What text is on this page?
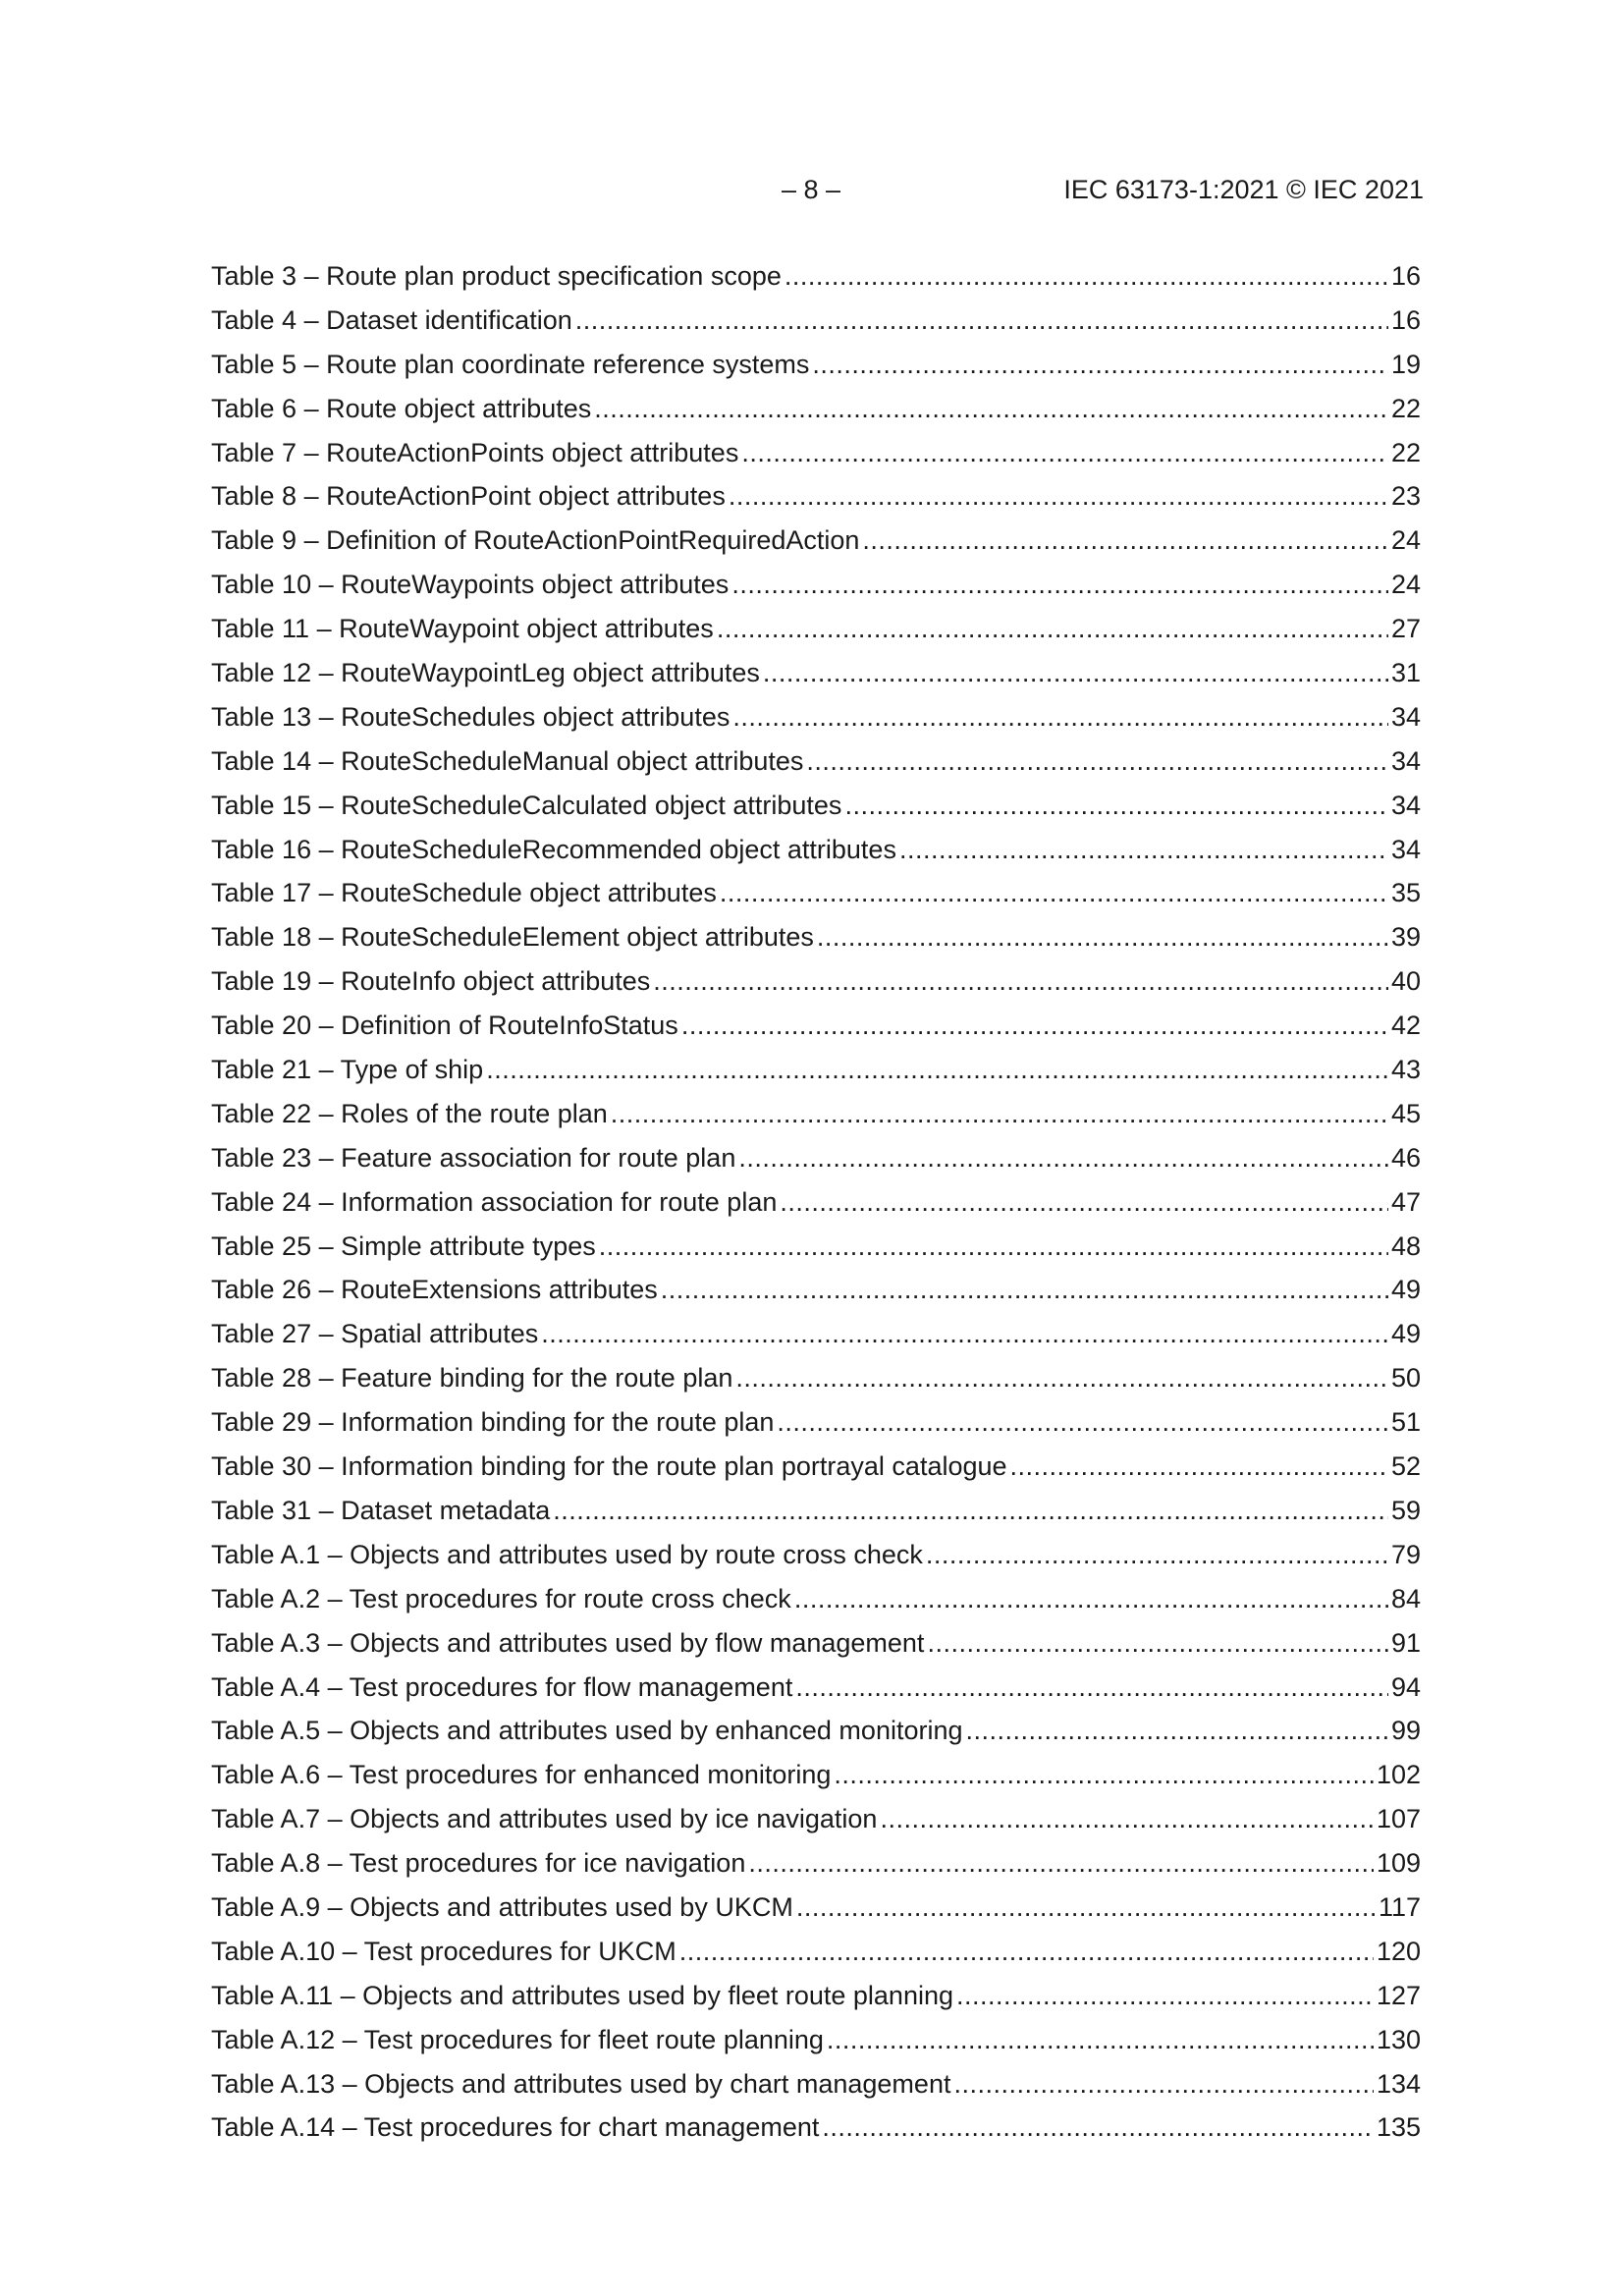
– 8 –	IEC 63173-1:2021 © IEC 2021
Table 3 – Route plan product specification scope .....	16
Table 4 – Dataset identification .....	16
Table 5 – Route plan coordinate reference systems .....	19
Table 6 – Route object attributes .....	22
Table 7 – RouteActionPoints object attributes .....	22
Table 8 – RouteActionPoint object attributes .....	23
Table 9 – Definition of RouteActionPointRequiredAction .....	24
Table 10 – RouteWaypoints object attributes .....	24
Table 11 – RouteWaypoint object attributes .....	27
Table 12 – RouteWaypointLeg object attributes .....	31
Table 13 – RouteSchedules object attributes .....	34
Table 14 – RouteScheduleManual object attributes .....	34
Table 15 – RouteScheduleCalculated object attributes .....	34
Table 16 – RouteScheduleRecommended object attributes .....	34
Table 17 – RouteSchedule object attributes .....	35
Table 18 – RouteScheduleElement object attributes .....	39
Table 19 – RouteInfo object attributes .....	40
Table 20 – Definition of RouteInfoStatus .....	42
Table 21 – Type of ship .....	43
Table 22 – Roles of the route plan .....	45
Table 23 – Feature association for route plan .....	46
Table 24 – Information association for route plan .....	47
Table 25 – Simple attribute types .....	48
Table 26 – RouteExtensions attributes .....	49
Table 27 – Spatial attributes .....	49
Table 28 – Feature binding for the route plan .....	50
Table 29 – Information binding for the route plan .....	51
Table 30 – Information binding for the route plan portrayal catalogue .....	52
Table 31 – Dataset metadata .....	59
Table A.1 – Objects and attributes used by route cross check .....	79
Table A.2 – Test procedures for route cross check .....	84
Table A.3 – Objects and attributes used by flow management .....	91
Table A.4 – Test procedures for flow management .....	94
Table A.5 – Objects and attributes used by enhanced monitoring .....	99
Table A.6 – Test procedures for enhanced monitoring .....	102
Table A.7 – Objects and attributes used by ice navigation .....	107
Table A.8 – Test procedures for ice navigation .....	109
Table A.9 – Objects and attributes used by UKCM .....	117
Table A.10 – Test procedures for UKCM .....	120
Table A.11 – Objects and attributes used by fleet route planning .....	127
Table A.12 – Test procedures for fleet route planning .....	130
Table A.13 – Objects and attributes used by chart management .....	134
Table A.14 – Test procedures for chart management .....	135
